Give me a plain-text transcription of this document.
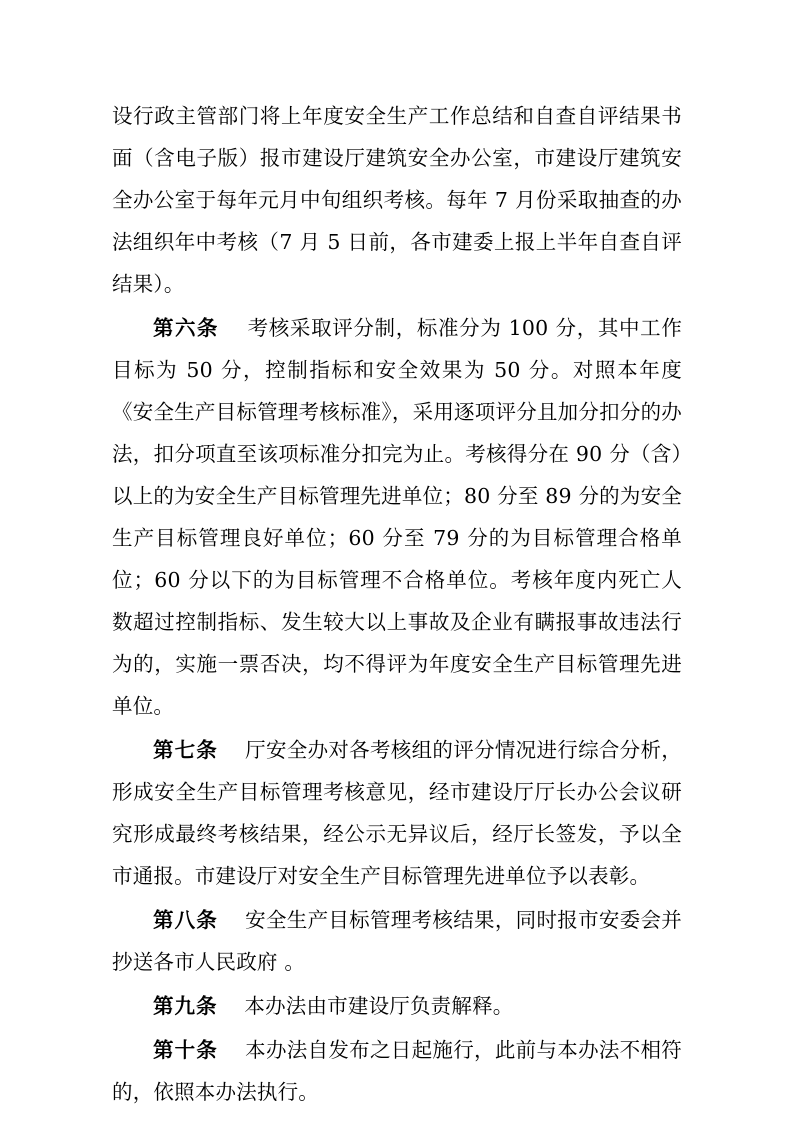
设行政主管部门将上年度安全生产工作总结和自查自评结果书面（含电子版）报市建设厅建筑安全办公室，市建设厅建筑安全办公室于每年元月中旬组织考核。每年 7 月份采取抽查的办法组织年中考核（7 月 5 日前，各市建委上报上半年自查自评结果）。

第六条 考核采取评分制，标准分为 100 分，其中工作目标为 50 分，控制指标和安全效果为 50 分。对照本年度《安全生产目标管理考核标准》，采用逐项评分且加分扣分的办法，扣分项直至该项标准分扣完为止。考核得分在 90 分（含）以上的为安全生产目标管理先进单位；80 分至 89 分的为安全生产目标管理良好单位；60 分至 79 分的为目标管理合格单位；60 分以下的为目标管理不合格单位。考核年度内死亡人数超过控制指标、发生较大以上事故及企业有瞒报事故违法行为的，实施一票否决，均不得评为年度安全生产目标管理先进单位。

第七条 厅安全办对各考核组的评分情况进行综合分析，形成安全生产目标管理考核意见，经市建设厅厅长办公会议研究形成最终考核结果，经公示无异议后，经厅长签发，予以全市通报。市建设厅对安全生产目标管理先进单位予以表彰。

第八条 安全生产目标管理考核结果，同时报市安委会并抄送各市人民政府 。

第九条 本办法由市建设厅负责解释。

第十条 本办法自发布之日起施行，此前与本办法不相符的，依照本办法执行。
